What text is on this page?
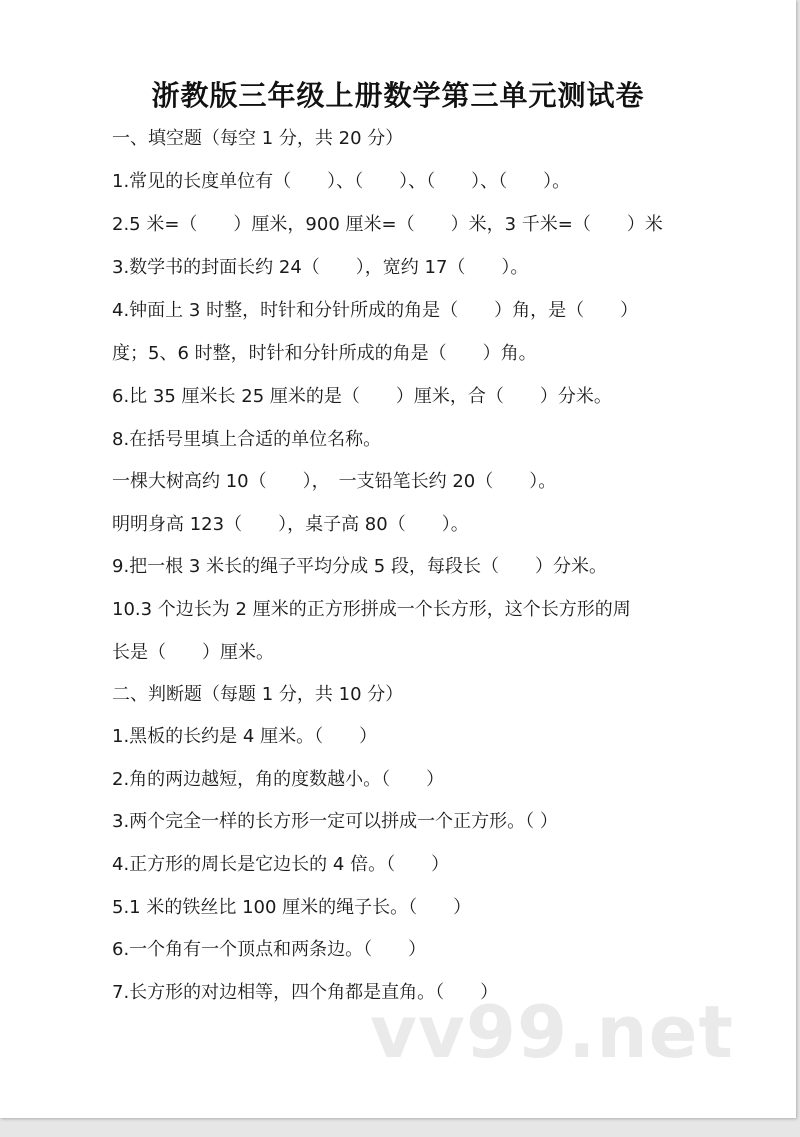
浙教版三年级上册数学第三单元测试卷
一、填空题（每空 1 分，共 20 分）
1.常见的长度单位有（　　）、（　　）、（　　）、（　　）。
2.5 米=（　　）厘米，900 厘米=（　　）米，3 千米=（　　）米
3.数学书的封面长约 24（　　），宽约 17（　　）。
4.钟面上 3 时整，时针和分针所成的角是（　　）角，是（　　）
度；5、6 时整，时针和分针所成的角是（　　）角。
6.比 35 厘米长 25 厘米的是（　　）厘米，合（　　）分米。
8.在括号里填上合适的单位名称。
一棵大树高约 10（　　），　一支铅笔长约 20（　　）。
明明身高 123（　　），桌子高 80（　　）。
9.把一根 3 米长的绳子平均分成 5 段，每段长（　　）分米。
10.3 个边长为 2 厘米的正方形拼成一个长方形，这个长方形的周
长是（　　）厘米。
二、判断题（每题 1 分，共 10 分）
1.黑板的长约是 4 厘米。（　　）
2.角的两边越短，角的度数越小。（　　）
3.两个完全一样的长方形一定可以拼成一个正方形。（ ）
4.正方形的周长是它边长的 4 倍。（　　）
5.1 米的铁丝比 100 厘米的绳子长。（　　）
6.一个角有一个顶点和两条边。（　　）
7.长方形的对边相等，四个角都是直角。（　　）
vv99.net
